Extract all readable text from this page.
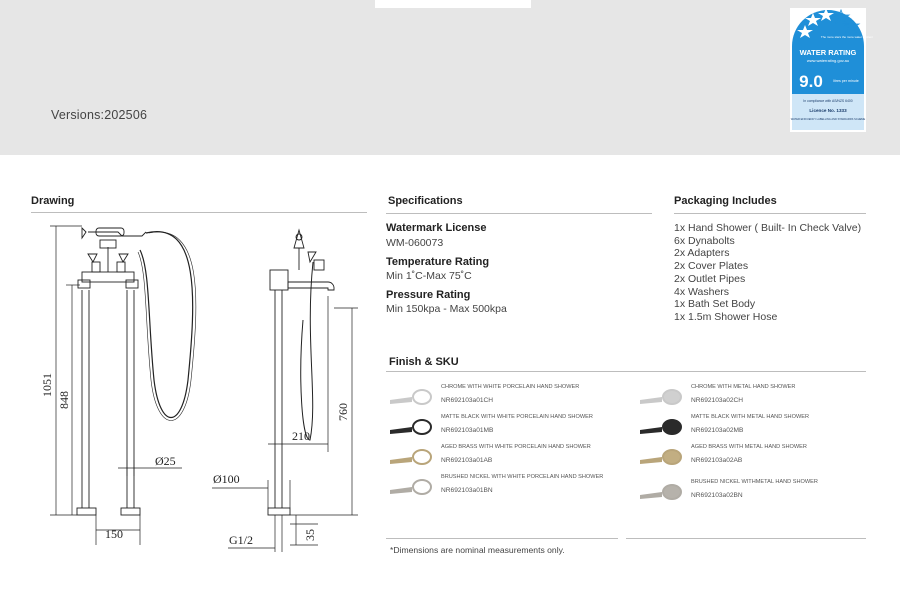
Versions:202506
The more stars the more water efficient
WATER RATING
www.waterrating.gov.au
9.0	litres per minute
In compliance with AS/NZS 6400
Licence No. 1333
WATER EFFICIENCY LABELLING AND STANDARDS SCHEME
Drawing	Specifications	Packaging Includes
Watermark License
WM-060073
Temperature Rating
Min 1˚C-Max 75˚C
Pressure Rating
Min 150kpa - Max 500kpa
1x Hand Shower ( Built- In Check Valve)
6x Dynabolts
2x Adapters
2x Cover Plates
2x Outlet Pipes
4x Washers
1x Bath Set Body
1x 1.5m Shower Hose
Finish & SKU
CHROME WITH WHITE PORCELAIN HAND SHOWER
NR692103a01CH
MATTE BLACK WITH WHITE PORCELAIN HAND SHOWER
NR692103a01MB
AGED BRASS WITH WHITE PORCELAIN HAND SHOWER
NR692103a01AB
BRUSHED NICKEL WITH WHITE PORCELAIN HAND SHOWER
NR692103a01BN
CHROME WITH METAL HAND SHOWER
NR692103a02CH
MATTE BLACK WITH METAL HAND SHOWER
NR692103a02MB
AGED BRASS WITH METAL HAND SHOWER
NR692103a02AB
BRUSHED NICKEL WITHMETAL HAND SHOWER
NR692103a02BN
*Dimensions are nominal measurements only.
1051
848
150
Ø25
Ø100
210
760
G1/2	35
